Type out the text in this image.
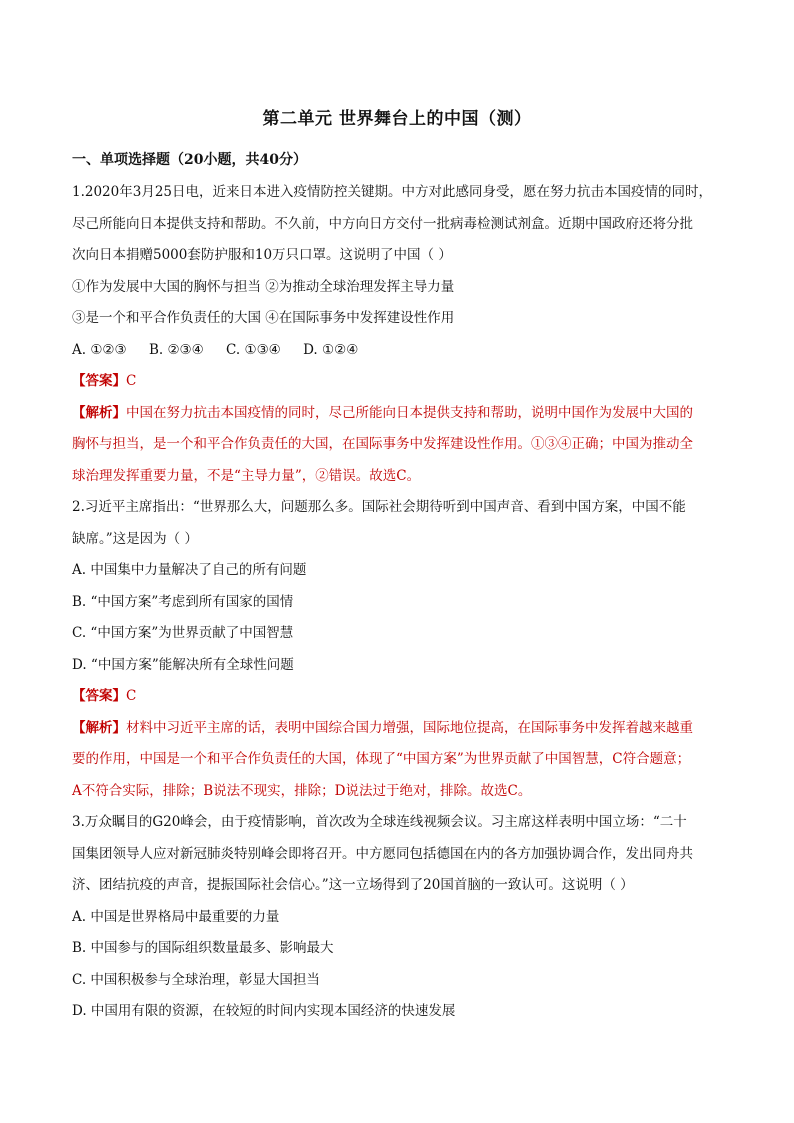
第二单元 世界舞台上的中国（测）
一、单项选择题（20小题，共40分）
1.2020年3月25日电，近来日本进入疫情防控关键期。中方对此感同身受，愿在努力抗击本国疫情的同时，
尽己所能向日本提供支持和帮助。不久前，中方向日方交付一批病毒检测试剂盒。近期中国政府还将分批
次向日本捐赠5000套防护服和10万只口罩。这说明了中国（ ）
①作为发展中大国的胸怀与担当 ②为推动全球治理发挥主导力量
③是一个和平合作负责任的大国 ④在国际事务中发挥建设性作用
A. ①②③ B. ②③④ C. ①③④ D. ①②④
【答案】C
【解析】中国在努力抗击本国疫情的同时，尽己所能向日本提供支持和帮助，说明中国作为发展中大国的
胸怀与担当，是一个和平合作负责任的大国，在国际事务中发挥建设性作用。①③④正确；中国为推动全
球治理发挥重要力量，不是“主导力量”，②错误。故选C。
2.习近平主席指出：“世界那么大，问题那么多。国际社会期待听到中国声音、看到中国方案，中国不能
缺席。”这是因为（ ）
A. 中国集中力量解决了自己的所有问题
B. “中国方案”考虑到所有国家的国情
C. “中国方案”为世界贡献了中国智慧
D. “中国方案”能解决所有全球性问题
【答案】C
【解析】材料中习近平主席的话，表明中国综合国力增强，国际地位提高，在国际事务中发挥着越来越重
要的作用，中国是一个和平合作负责任的大国，体现了“中国方案”为世界贡献了中国智慧，C符合题意；
A不符合实际，排除；B说法不现实，排除；D说法过于绝对，排除。故选C。
3.万众瞩目的G20峰会，由于疫情影响，首次改为全球连线视频会议。习主席这样表明中国立场：“二十
国集团领导人应对新冠肺炎特别峰会即将召开。中方愿同包括德国在内的各方加强协调合作，发出同舟共
济、团结抗疫的声音，提振国际社会信心。”这一立场得到了20国首脑的一致认可。这说明（ ）
A. 中国是世界格局中最重要的力量
B. 中国参与的国际组织数量最多、影响最大
C. 中国积极参与全球治理，彰显大国担当
D. 中国用有限的资源，在较短的时间内实现本国经济的快速发展
